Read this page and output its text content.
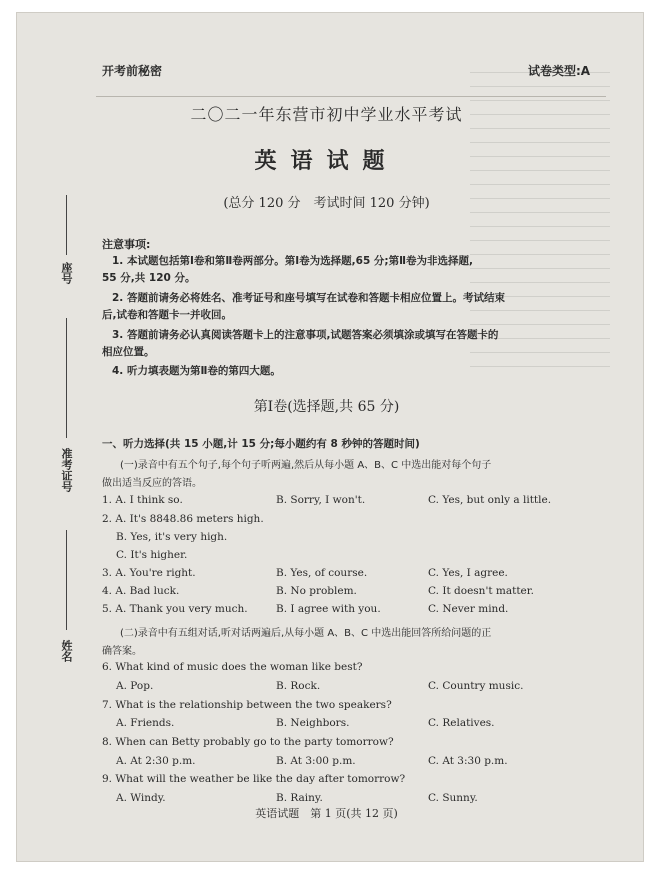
座号
准考证号
姓名
开考前秘密	试卷类型:A
二〇二一年东营市初中学业水平考试
英语试题
(总分 120 分　考试时间 120 分钟)
注意事项:
1. 本试题包括第Ⅰ卷和第Ⅱ卷两部分。第Ⅰ卷为选择题,65 分;第Ⅱ卷为非选择题,
55 分,共 120 分。
2. 答题前请务必将姓名、准考证号和座号填写在试卷和答题卡相应位置上。考试结束
后,试卷和答题卡一并收回。
3. 答题前请务必认真阅读答题卡上的注意事项,试题答案必须填涂或填写在答题卡的
相应位置。
4. 听力填表题为第Ⅱ卷的第四大题。
第Ⅰ卷(选择题,共 65 分)
一、听力选择(共 15 小题,计 15 分;每小题约有 8 秒钟的答题时间)
(一)录音中有五个句子,每个句子听两遍,然后从每小题 A、B、C 中选出能对每个句子
做出适当反应的答语。
1. A. I think so.	B. Sorry, I won't.	C. Yes, but only a little.
2. A. It's 8848.86 meters high.
B. Yes, it's very high.
C. It's higher.
3. A. You're right.	B. Yes, of course.	C. Yes, I agree.
4. A. Bad luck.	B. No problem.	C. It doesn't matter.
5. A. Thank you very much.	B. I agree with you.	C. Never mind.
(二)录音中有五组对话,听对话两遍后,从每小题 A、B、C 中选出能回答所给问题的正
确答案。
6. What kind of music does the woman like best?
A. Pop.	B. Rock.	C. Country music.
7. What is the relationship between the two speakers?
A. Friends.	B. Neighbors.	C. Relatives.
8. When can Betty probably go to the party tomorrow?
A. At 2:30 p.m.	B. At 3:00 p.m.	C. At 3:30 p.m.
9. What will the weather be like the day after tomorrow?
A. Windy.	B. Rainy.	C. Sunny.
英语试题　第 1 页(共 12 页)
